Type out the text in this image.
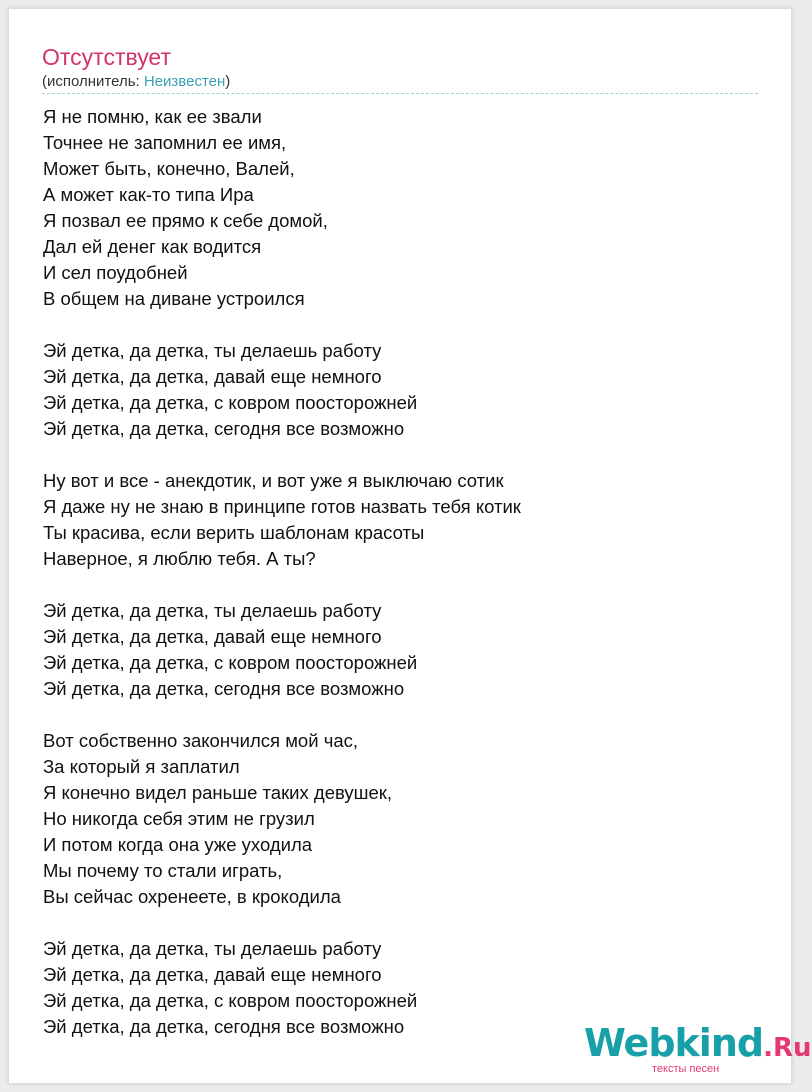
Отсутствует
(исполнитель: Неизвестен)
Я не помню, как ее звали
Точнее не запомнил ее имя,
Может быть, конечно, Валей,
А может как-то типа Ира
Я позвал ее прямо к себе домой,
Дал ей денег как водится
И сел поудобней
В общем на диване устроился
Эй детка, да детка, ты делаешь работу
Эй детка, да детка, давай еще немного
Эй детка, да детка, с ковром поосторожней
Эй детка, да детка, сегодня все возможно
Ну вот и все - анекдотик, и вот уже я выключаю сотик
Я даже ну не знаю в принципе готов назвать тебя котик
Ты красива, если верить шаблонам красоты
Наверное, я люблю тебя. А ты?
Эй детка, да детка, ты делаешь работу
Эй детка, да детка, давай еще немного
Эй детка, да детка, с ковром поосторожней
Эй детка, да детка, сегодня все возможно
Вот собственно закончился мой час,
За который я заплатил
Я конечно видел раньше таких девушек,
Но никогда себя этим не грузил
И потом когда она уже уходила
Мы почему то стали играть,
Вы сейчас охренеете, в крокодила
Эй детка, да детка, ты делаешь работу
Эй детка, да детка, давай еще немного
Эй детка, да детка, с ковром поосторожней
Эй детка, да детка, сегодня все возможно	Webkind.Ru
тексты песен
